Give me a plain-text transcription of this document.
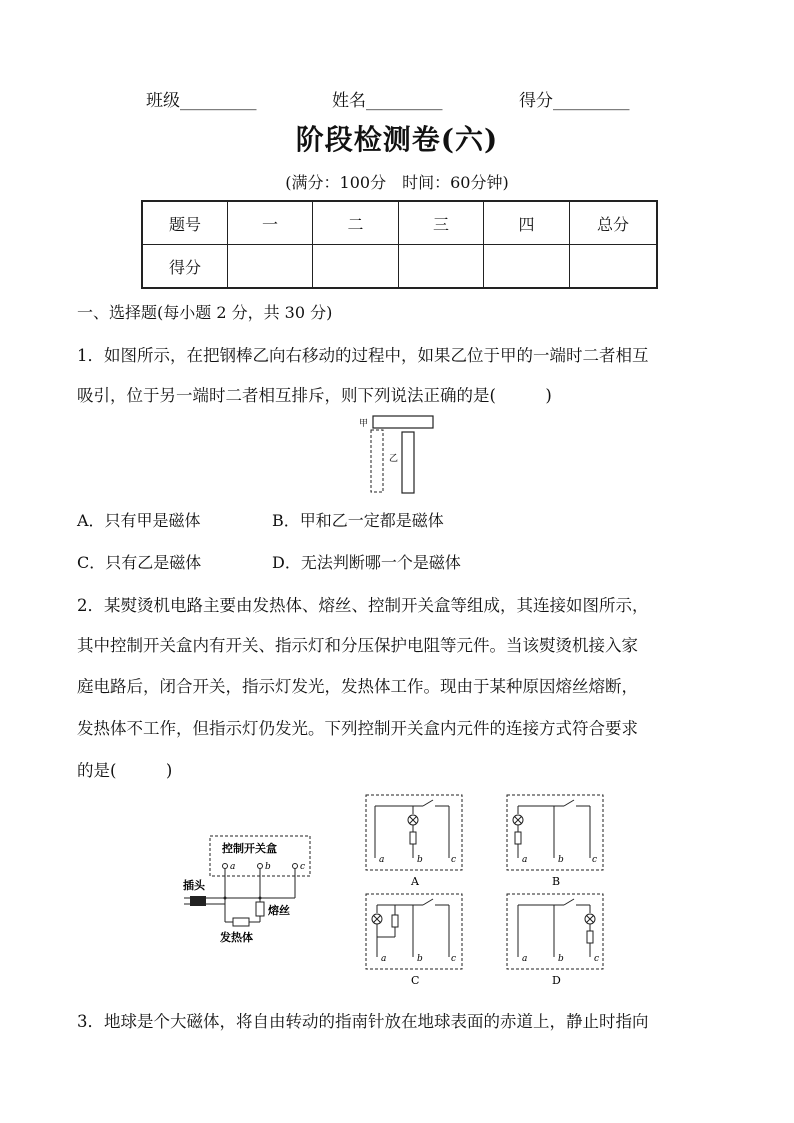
班级_________	姓名_________	得分_________
阶段检测卷(六)
(满分：100分　时间：60分钟)
题号	一	二	三	四	总分
得分					
一、选择题(每小题 2 分，共 30 分)
1．如图所示，在把钢棒乙向右移动的过程中，如果乙位于甲的一端时二者相互
吸引，位于另一端时二者相互排斥，则下列说法正确的是(　　　)
甲
乙
A．只有甲是磁体	B．甲和乙一定都是磁体
C．只有乙是磁体	D．无法判断哪一个是磁体
2．某熨烫机电路主要由发热体、熔丝、控制开关盒等组成，其连接如图所示，
其中控制开关盒内有开关、指示灯和分压保护电阻等元件。当该熨烫机接入家
庭电路后，闭合开关，指示灯发光，发热体工作。现由于某种原因熔丝熔断，
发热体不工作，但指示灯仍发光。下列控制开关盒内元件的连接方式符合要求
的是(　　　)
控制开关盒
a	b	c
插头
熔丝
发热体
a	b	c
A
a	b	c
B
a	b	c
C
a	b	c
D
3．地球是个大磁体，将自由转动的指南针放在地球表面的赤道上，静止时指向
